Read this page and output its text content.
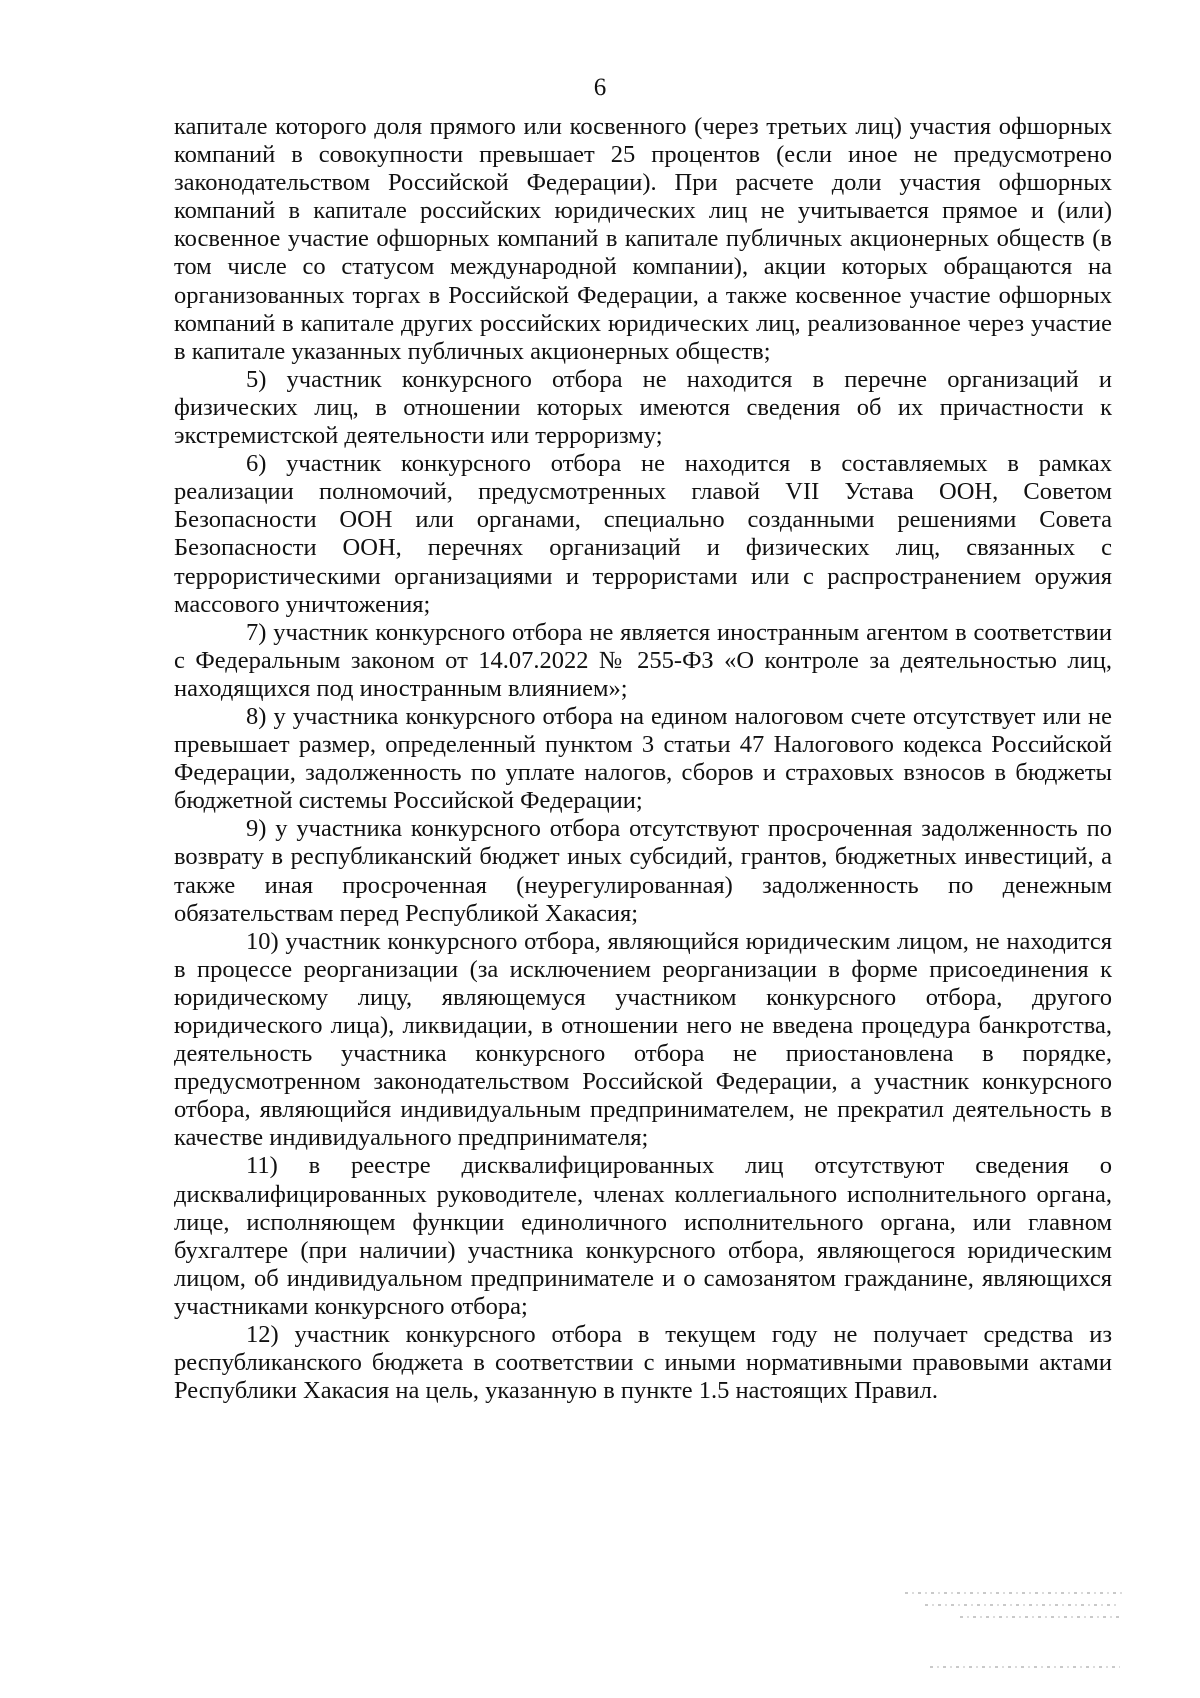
6

капитале которого доля прямого или косвенного (через третьих лиц) участия офшорных компаний в совокупности превышает 25 процентов (если иное не предусмотрено законодательством Российской Федерации). При расчете доли участия офшорных компаний в капитале российских юридических лиц не учитывается прямое и (или) косвенное участие офшорных компаний в капитале публичных акционерных обществ (в том числе со статусом международной компании), акции которых обращаются на организованных торгах в Российской Федерации, а также косвенное участие офшорных компаний в капитале других российских юридических лиц, реализованное через участие в капитале указанных публичных акционерных обществ;

5) участник конкурсного отбора не находится в перечне организаций и физических лиц, в отношении которых имеются сведения об их причастности к экстремистской деятельности или терроризму;

6) участник конкурсного отбора не находится в составляемых в рамках реализации полномочий, предусмотренных главой VII Устава ООН, Советом Безопасности ООН или органами, специально созданными решениями Совета Безопасности ООН, перечнях организаций и физических лиц, связанных с террористическими организациями и террористами или с распространением оружия массового уничтожения;

7) участник конкурсного отбора не является иностранным агентом в соответствии с Федеральным законом от 14.07.2022 № 255-ФЗ «О контроле за деятельностью лиц, находящихся под иностранным влиянием»;

8) у участника конкурсного отбора на едином налоговом счете отсутствует или не превышает размер, определенный пунктом 3 статьи 47 Налогового кодекса Российской Федерации, задолженность по уплате налогов, сборов и страховых взносов в бюджеты бюджетной системы Российской Федерации;

9) у участника конкурсного отбора отсутствуют просроченная задолженность по возврату в республиканский бюджет иных субсидий, грантов, бюджетных инвестиций, а также иная просроченная (неурегулированная) задолженность по денежным обязательствам перед Республикой Хакасия;

10) участник конкурсного отбора, являющийся юридическим лицом, не находится в процессе реорганизации (за исключением реорганизации в форме присоединения к юридическому лицу, являющемуся участником конкурсного отбора, другого юридического лица), ликвидации, в отношении него не введена процедура банкротства, деятельность участника конкурсного отбора не приостановлена в порядке, предусмотренном законодательством Российской Федерации, а участник конкурсного отбора, являющийся индивидуальным предпринимателем, не прекратил деятельность в качестве индивидуального предпринимателя;

11) в реестре дисквалифицированных лиц отсутствуют сведения о дисквалифицированных руководителе, членах коллегиального исполнительного органа, лице, исполняющем функции единоличного исполнительного органа, или главном бухгалтере (при наличии) участника конкурсного отбора, являющегося юридическим лицом, об индивидуальном предпринимателе и о самозанятом гражданине, являющихся участниками конкурсного отбора;

12) участник конкурсного отбора в текущем году не получает средства из республиканского бюджета в соответствии с иными нормативными правовыми актами Республики Хакасия на цель, указанную в пункте 1.5 настоящих Правил.
